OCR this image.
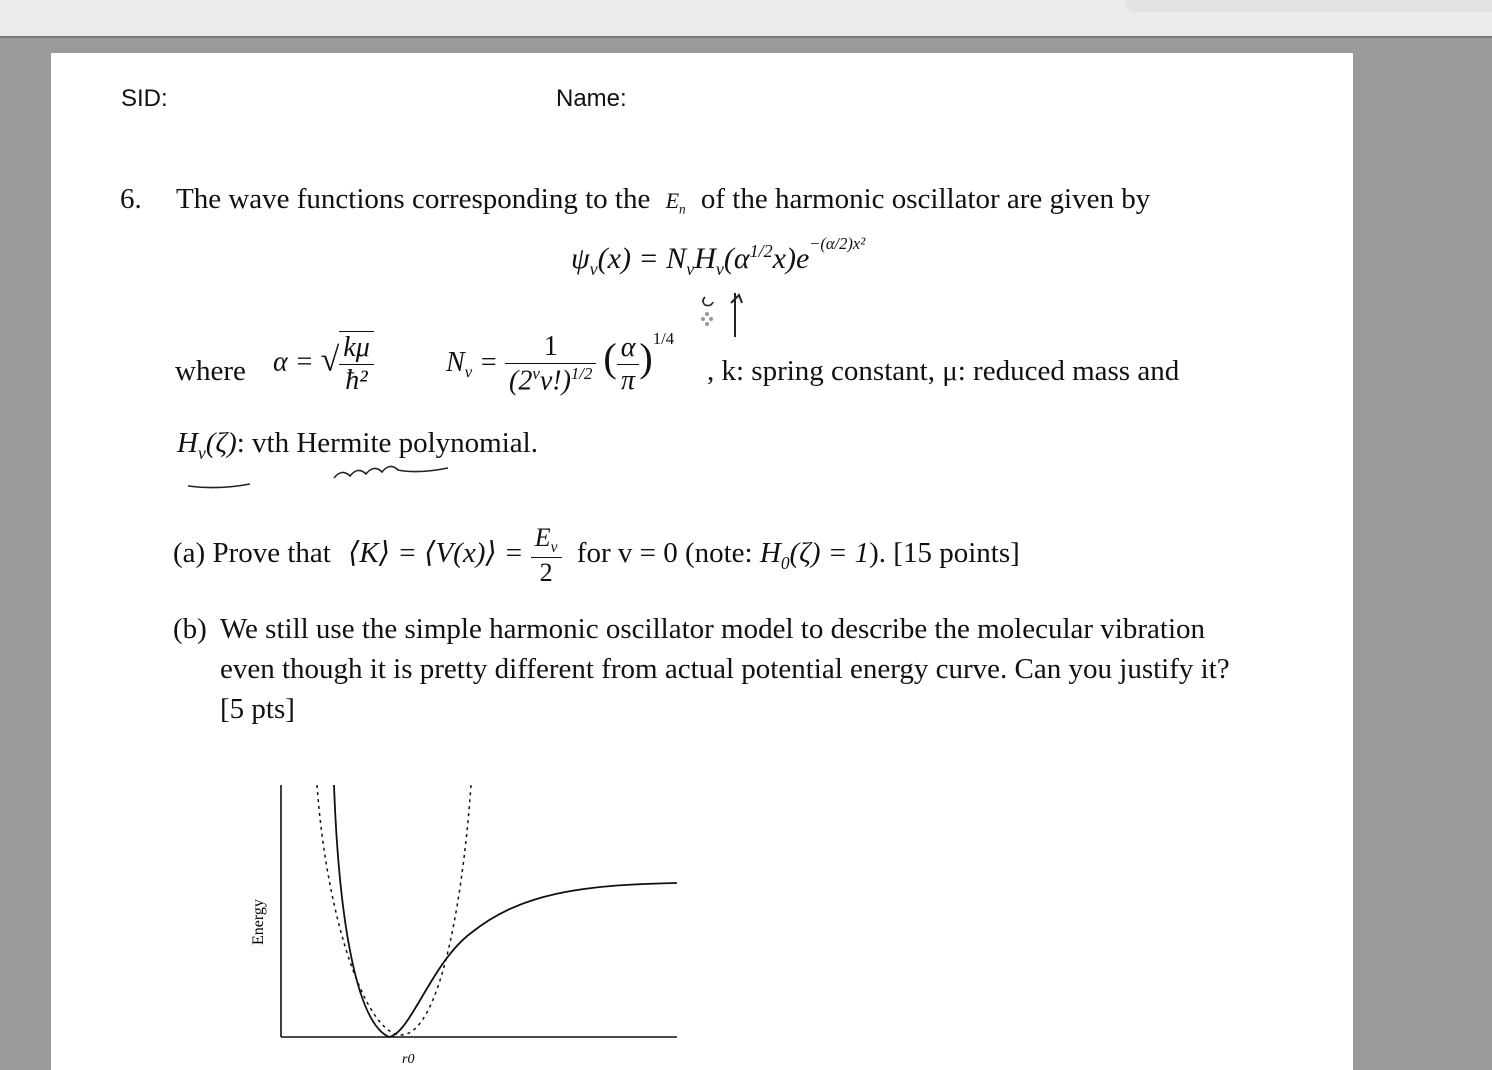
SID:	Name:
6. The wave functions corresponding to the $E_n$ of the harmonic oscillator are given by
$\psi_v(x) = N_vH_v(\alpha^{1/2}x)e^{-(\alpha/2)x^2}$
where α = √ $\frac{k\mu}{\text{ħ²}}$	$N_v = \frac{1}{(2^vv!)^{1/2}}$ ( $\frac{\alpha}{\pi} )^{1/4}$
, k: spring constant, μ: reduced mass and
$H_v(\zeta)$: vth Hermite polynomial.
(a) Prove that ⟨K⟩ = ⟨V(x)⟩ = $\frac{E_v}{2}$ for v = 0 (note: $H_0(\zeta) = 1$). [15 points]
(b) We still use the simple harmonic oscillator model to describe the molecular vibration
even though it is pretty different from actual potential energy curve. Can you justify it?
[5 pts]
Energy
r0
